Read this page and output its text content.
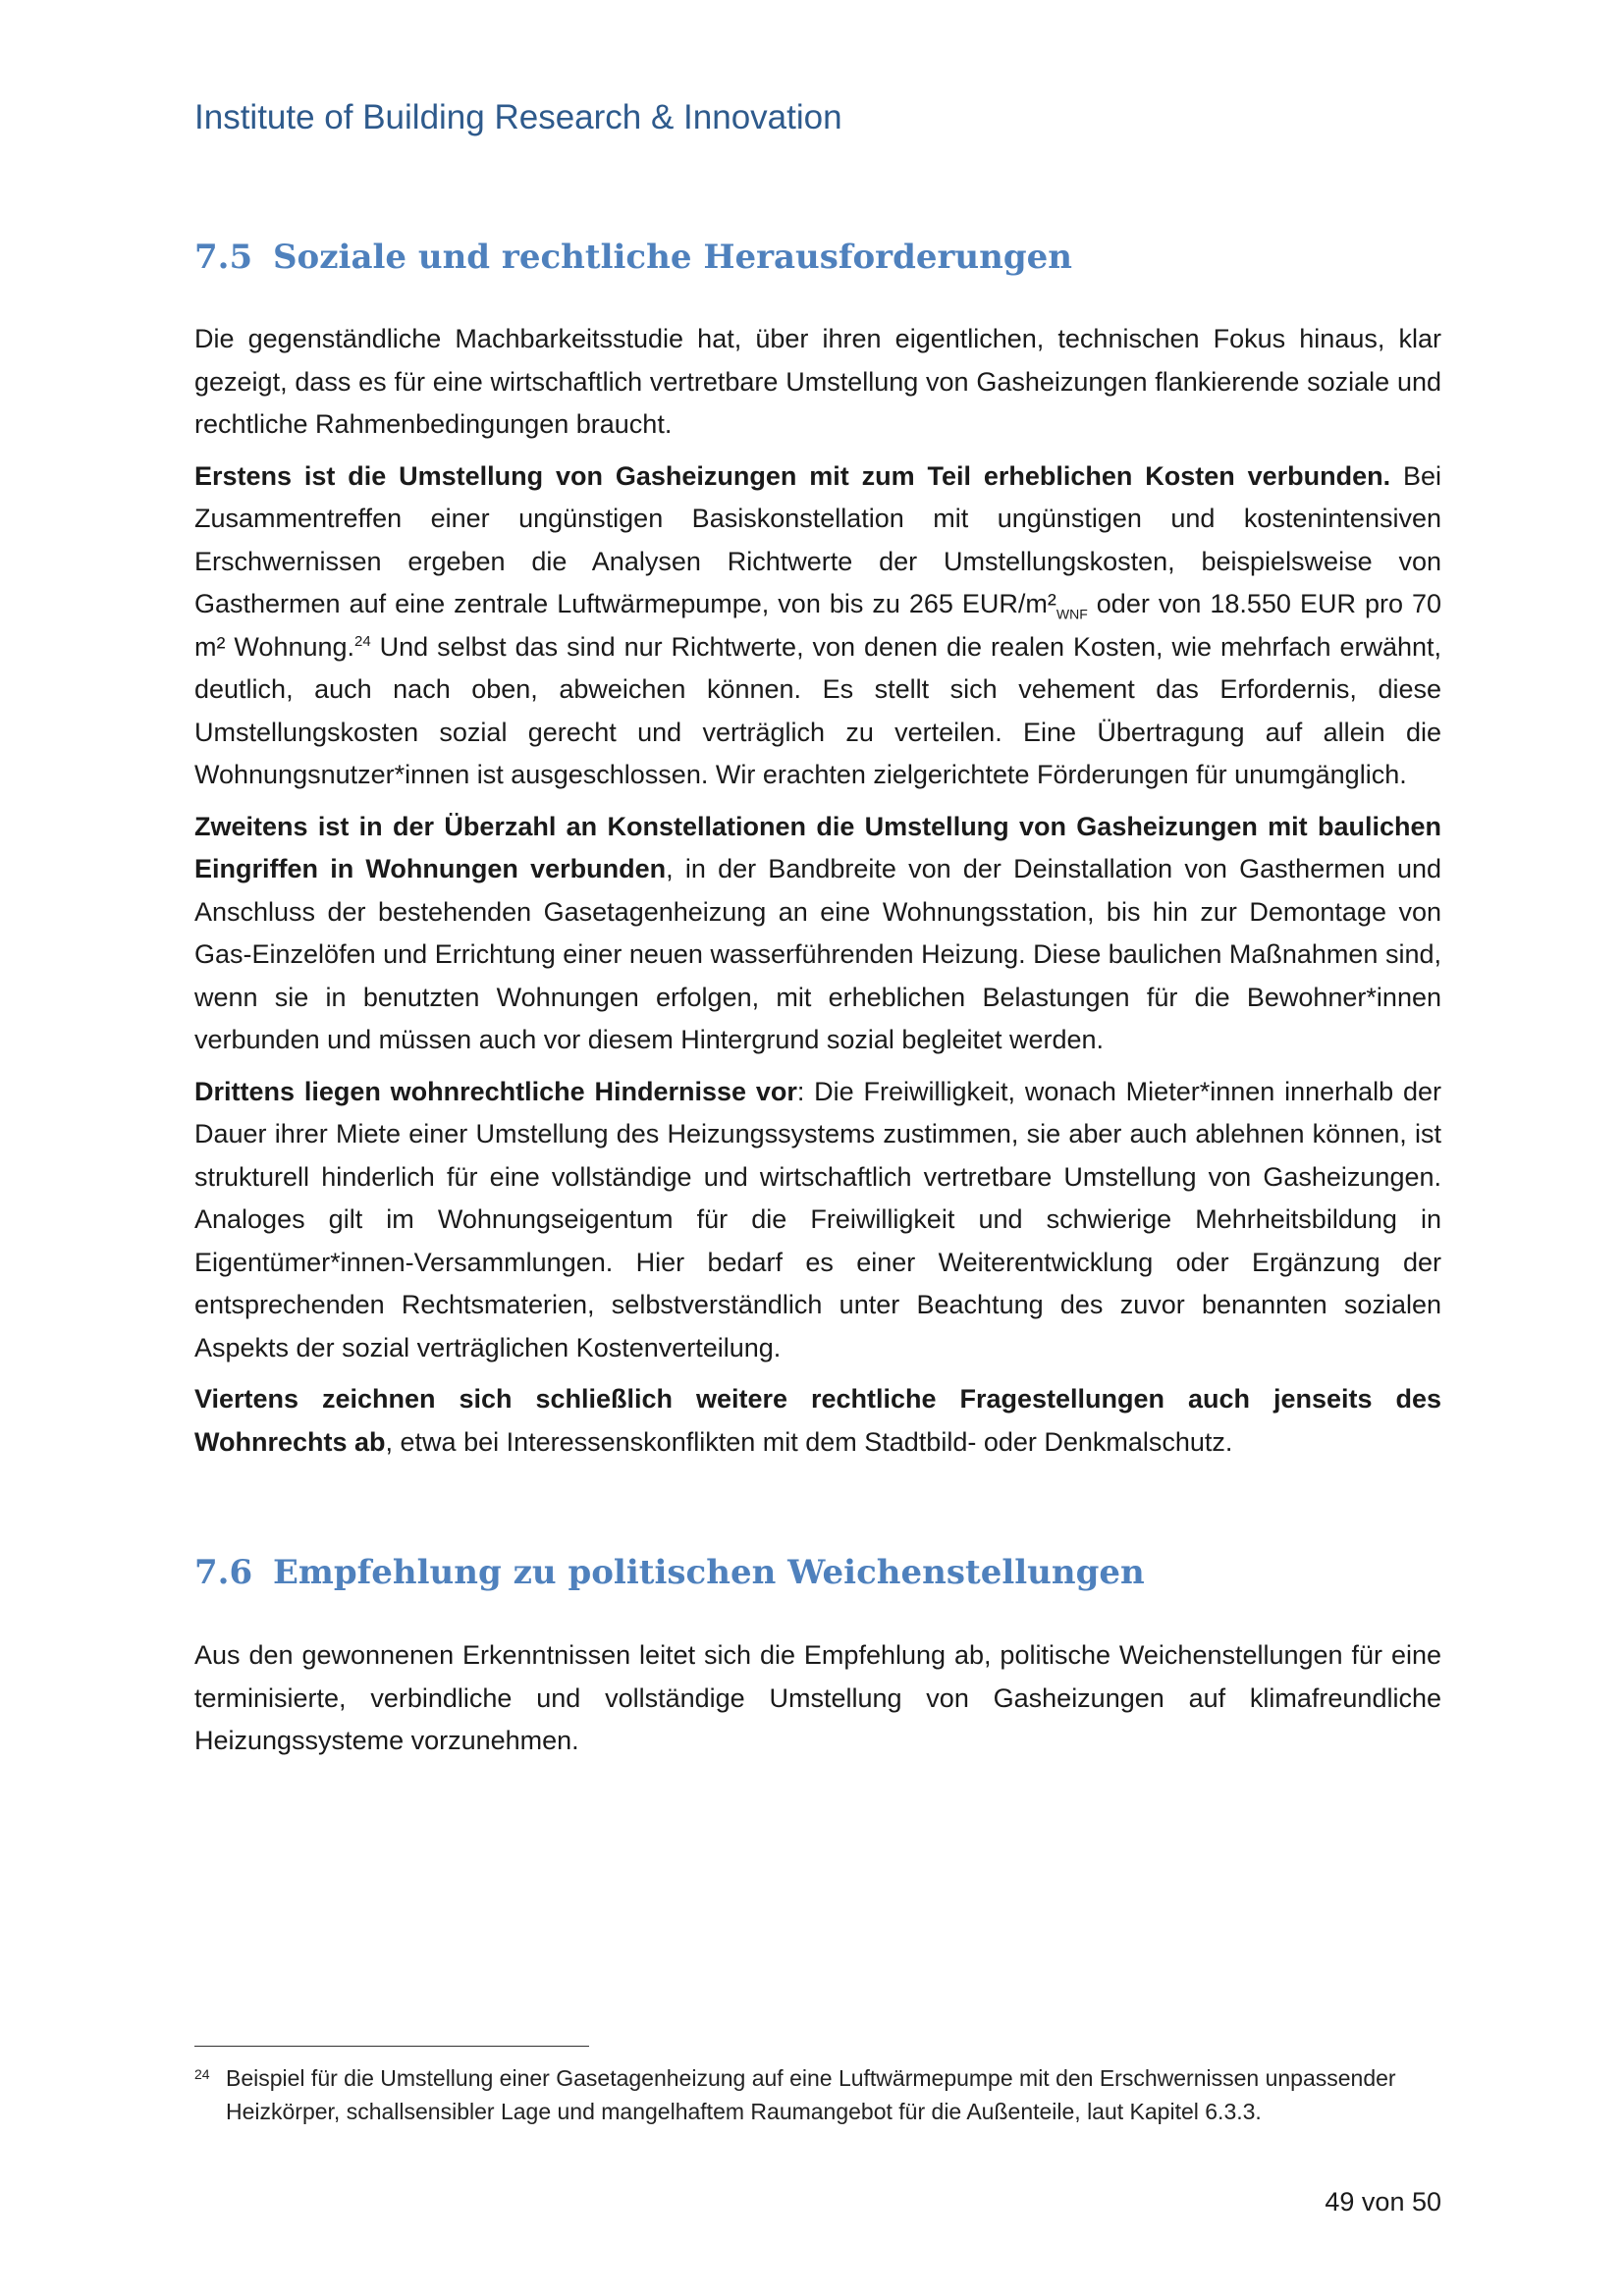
Institute of Building Research & Innovation
7.5 Soziale und rechtliche Herausforderungen

Die gegenständliche Machbarkeitsstudie hat, über ihren eigentlichen, technischen Fokus hinaus, klar gezeigt, dass es für eine wirtschaftlich vertretbare Umstellung von Gasheizungen flankierende soziale und rechtliche Rahmenbedingungen braucht.

Erstens ist die Umstellung von Gasheizungen mit zum Teil erheblichen Kosten verbunden. Bei Zusammentreffen einer ungünstigen Basiskonstellation mit ungünstigen und kostenintensiven Erschwernissen ergeben die Analysen Richtwerte der Umstellungskosten, beispielsweise von Gasthermen auf eine zentrale Luftwärmepumpe, von bis zu 265 EUR/$m^2_{WNF}$ oder von 18.550 EUR pro 70 m² Wohnung.$^{24}$ Und selbst das sind nur Richtwerte, von denen die realen Kosten, wie mehrfach erwähnt, deutlich, auch nach oben, abweichen können. Es stellt sich vehement das Erfordernis, diese Umstellungskosten sozial gerecht und verträglich zu verteilen. Eine Übertragung auf allein die Wohnungsnutzer*innen ist ausgeschlossen. Wir erachten zielgerichtete Förderungen für unumgänglich.

Zweitens ist in der Überzahl an Konstellationen die Umstellung von Gasheizungen mit baulichen Eingriffen in Wohnungen verbunden, in der Bandbreite von der Deinstallation von Gasthermen und Anschluss der bestehenden Gasetagenheizung an eine Wohnungsstation, bis hin zur Demontage von Gas-Einzelöfen und Errichtung einer neuen wasserführenden Heizung. Diese baulichen Maßnahmen sind, wenn sie in benutzten Wohnungen erfolgen, mit erheblichen Belastungen für die Bewohner*innen verbunden und müssen auch vor diesem Hintergrund sozial begleitet werden.

Drittens liegen wohnrechtliche Hindernisse vor: Die Freiwilligkeit, wonach Mieter*innen innerhalb der Dauer ihrer Miete einer Umstellung des Heizungssystems zustimmen, sie aber auch ablehnen können, ist strukturell hinderlich für eine vollständige und wirtschaftlich vertretbare Umstellung von Gasheizungen. Analoges gilt im Wohnungseigentum für die Freiwilligkeit und schwierige Mehrheitsbildung in Eigentümer*innen-Versammlungen. Hier bedarf es einer Weiterentwicklung oder Ergänzung der entsprechenden Rechtsmaterien, selbstverständlich unter Beachtung des zuvor benannten sozialen Aspekts der sozial verträglichen Kostenverteilung.

Viertens zeichnen sich schließlich weitere rechtliche Fragestellungen auch jenseits des Wohnrechts ab, etwa bei Interessenskonflikten mit dem Stadtbild- oder Denkmalschutz.

7.6 Empfehlung zu politischen Weichenstellungen

Aus den gewonnenen Erkenntnissen leitet sich die Empfehlung ab, politische Weichenstellungen für eine terminisierte, verbindliche und vollständige Umstellung von Gasheizungen auf klimafreundliche Heizungssysteme vorzunehmen.

24 Beispiel für die Umstellung einer Gasetagenheizung auf eine Luftwärmepumpe mit den Erschwernissen unpassender Heizkörper, schallsensibler Lage und mangelhaftem Raumangebot für die Außenteile, laut Kapitel 6.3.3.
49 von 50
